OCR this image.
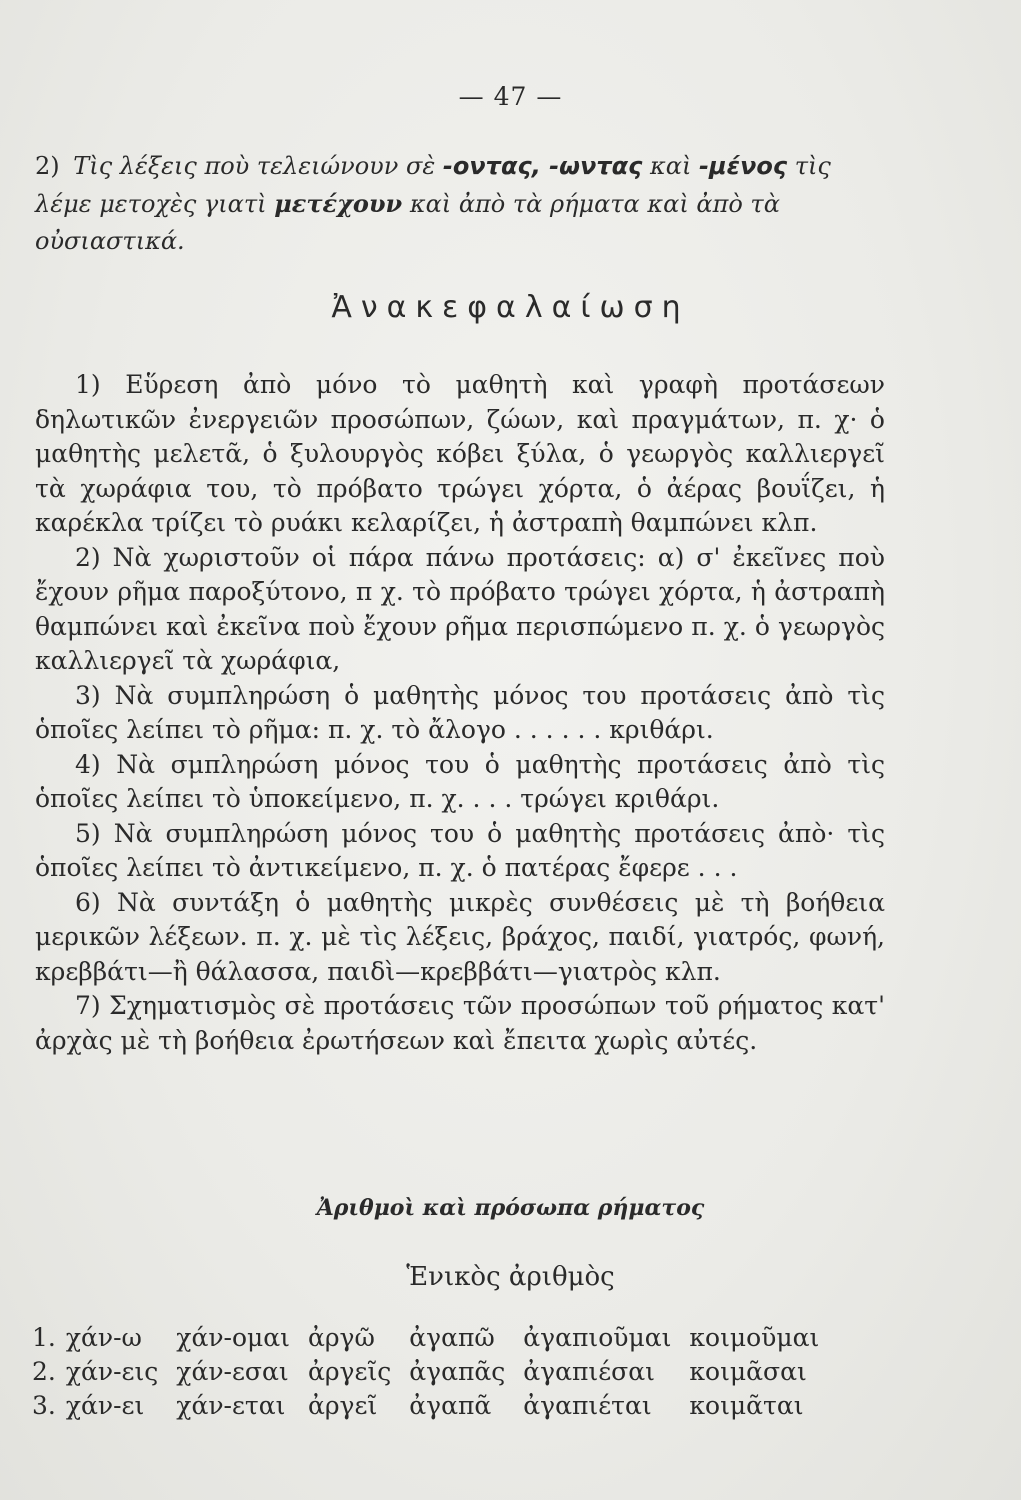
— 47 —
2) Τὶς λέξεις ποὺ τελειώνουν σὲ -οντας, -ωντας καὶ -μένος τὶς λέμε μετοχὲς γιατὶ μετέχουν καὶ ἀπὸ τὰ ρήματα καὶ ἀπὸ τὰ οὐσιαστικά.
Ἀνακεφαλαίωση

1) Εὕρεση ἀπὸ μόνο τὸ μαθητὴ καὶ γραφὴ προτάσεων δηλωτικῶν ἐνεργειῶν προσώπων, ζώων, καὶ πραγμάτων, π. χ· ὁ μαθητὴς μελετᾶ, ὁ ξυλουργὸς κόβει ξύλα, ὁ γεωργὸς καλλιεργεῖ τὰ χωράφια του, τὸ πρόβατο τρώγει χόρτα, ὁ ἀέρας βουΐζει, ἡ καρέκλα τρίζει τὸ ρυάκι κελαρίζει, ἡ ἀστραπὴ θαμπώνει κλπ.

2) Νὰ χωριστοῦν οἱ πάρα πάνω προτάσεις: α) σ' ἐκεῖνες ποὺ ἔχουν ρῆμα παροξύτονο, π χ. τὸ πρόβατο τρώγει χόρτα, ἡ ἀστραπὴ θαμπώνει καὶ ἐκεῖνα ποὺ ἔχουν ρῆμα περισπώμενο π. χ. ὁ γεωργὸς καλλιεργεῖ τὰ χωράφια,

3) Νὰ συμπληρώση ὁ μαθητὴς μόνος του προτάσεις ἀπὸ τὶς ὁποῖες λείπει τὸ ρῆμα: π. χ. τὸ ἄλογο . . . . . . κριθάρι.

4) Νὰ σμπληρώση μόνος του ὁ μαθητὴς προτάσεις ἀπὸ τὶς ὁποῖες λείπει τὸ ὑποκείμενο, π. χ. . . . τρώγει κριθάρι.

5) Νὰ συμπληρώση μόνος του ὁ μαθητὴς προτάσεις ἀπὸ· τὶς ὁποῖες λείπει τὸ ἀντικείμενο, π. χ. ὁ πατέρας ἔφερε . . .

6) Νὰ συντάξη ὁ μαθητὴς μικρὲς συνθέσεις μὲ τὴ βοήθεια μερικῶν λέξεων. π. χ. μὲ τὶς λέξεις, βράχος, παιδί, γιατρός, φωνή, κρεββάτι—ἢ θάλασσα, παιδὶ—κρεββάτι—γιατρὸς κλπ.

7) Σχηματισμὸς σὲ προτάσεις τῶν προσώπων τοῦ ρήματος κατ' ἀρχὰς μὲ τὴ βοήθεια ἐρωτήσεων καὶ ἔπειτα χωρὶς αὐτές.

Ἀριθμοὶ καὶ πρόσωπα ρήματος
Ἑνικὸς ἀριθμὸς
1.	χάν-ω	χάν-ομαι	ἀργῶ	ἀγαπῶ	ἀγαπιοῦμαι	κοιμοῦμαι
2.	χάν-εις	χάν-εσαι	ἀργεῖς	ἀγαπᾶς	ἀγαπιέσαι	κοιμᾶσαι
3.	χάν-ει	χάν-εται	ἀργεῖ	ἀγαπᾶ	ἀγαπιέται	κοιμᾶται
